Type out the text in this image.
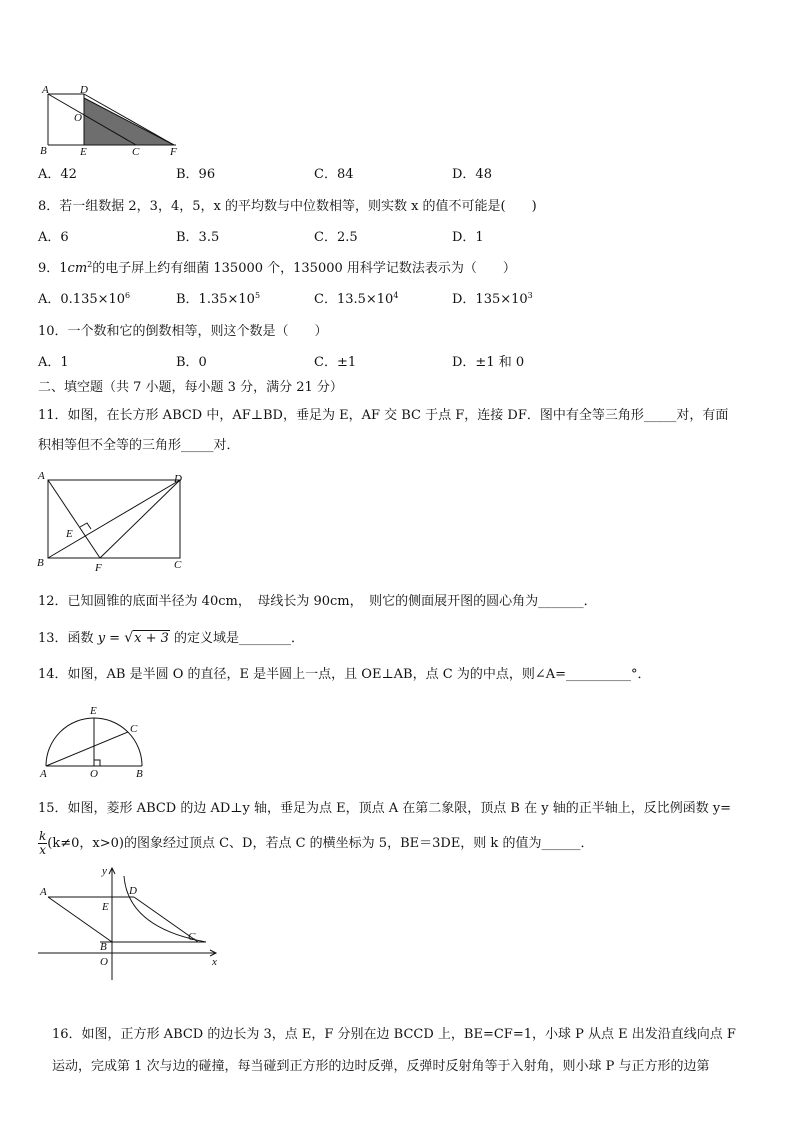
A	D
O
B	E	C	F
A．42	B．96	C．84	D．48
8．若一组数据 2，3，4，5，x 的平均数与中位数相等，则实数 x 的值不可能是(　　)
A．6	B．3.5	C．2.5	D．1
9．$1cm^2$的电子屏上约有细菌 135000 个，135000 用科学记数法表示为（　　）
A．$0.135\times 10^6$	B．$1.35\times 10^5$	C．$13.5\times 10^4$	D．$135\times 10^3$
10．一个数和它的倒数相等，则这个数是（　　）
A．1	B．0	C．±1	D．±1 和 0
二、填空题（共 7 小题，每小题 3 分，满分 21 分）
11．如图，在长方形 ABCD 中，AF⊥BD，垂足为 E，AF 交 BC 于点 F，连接 DF．图中有全等三角形_____对，有面
积相等但不全等的三角形_____对．
A	D
E
B	F	C
12．已知圆锥的底面半径为 40cm，　母线长为 90cm，　则它的侧面展开图的圆心角为_______．
13．函数 y = √x + 3 的定义域是________．
14．如图，AB 是半圆 O 的直径，E 是半圆上一点，且 OE⊥AB，点 C 为的中点，则∠A=__________°．
E
C
A	O	B
15．如图，菱形 ABCD 的边 AD⊥y 轴，垂足为点 E，顶点 A 在第二象限，顶点 B 在 y 轴的正半轴上，反比例函数 y=
$\frac{k}{x} (k\ne 0$，x>0)的图象经过顶点 C、D，若点 C 的横坐标为 5，BE＝3DE，则 k 的值为______．
y
A	D
E
C
B
O	x
16．如图，正方形 ABCD 的边长为 3，点 E，F 分别在边 BCCD 上，BE=CF=1，小球 P 从点 E 出发沿直线向点 F
运动，完成第 1 次与边的碰撞，每当碰到正方形的边时反弹，反弹时反射角等于入射角，则小球 P 与正方形的边第
